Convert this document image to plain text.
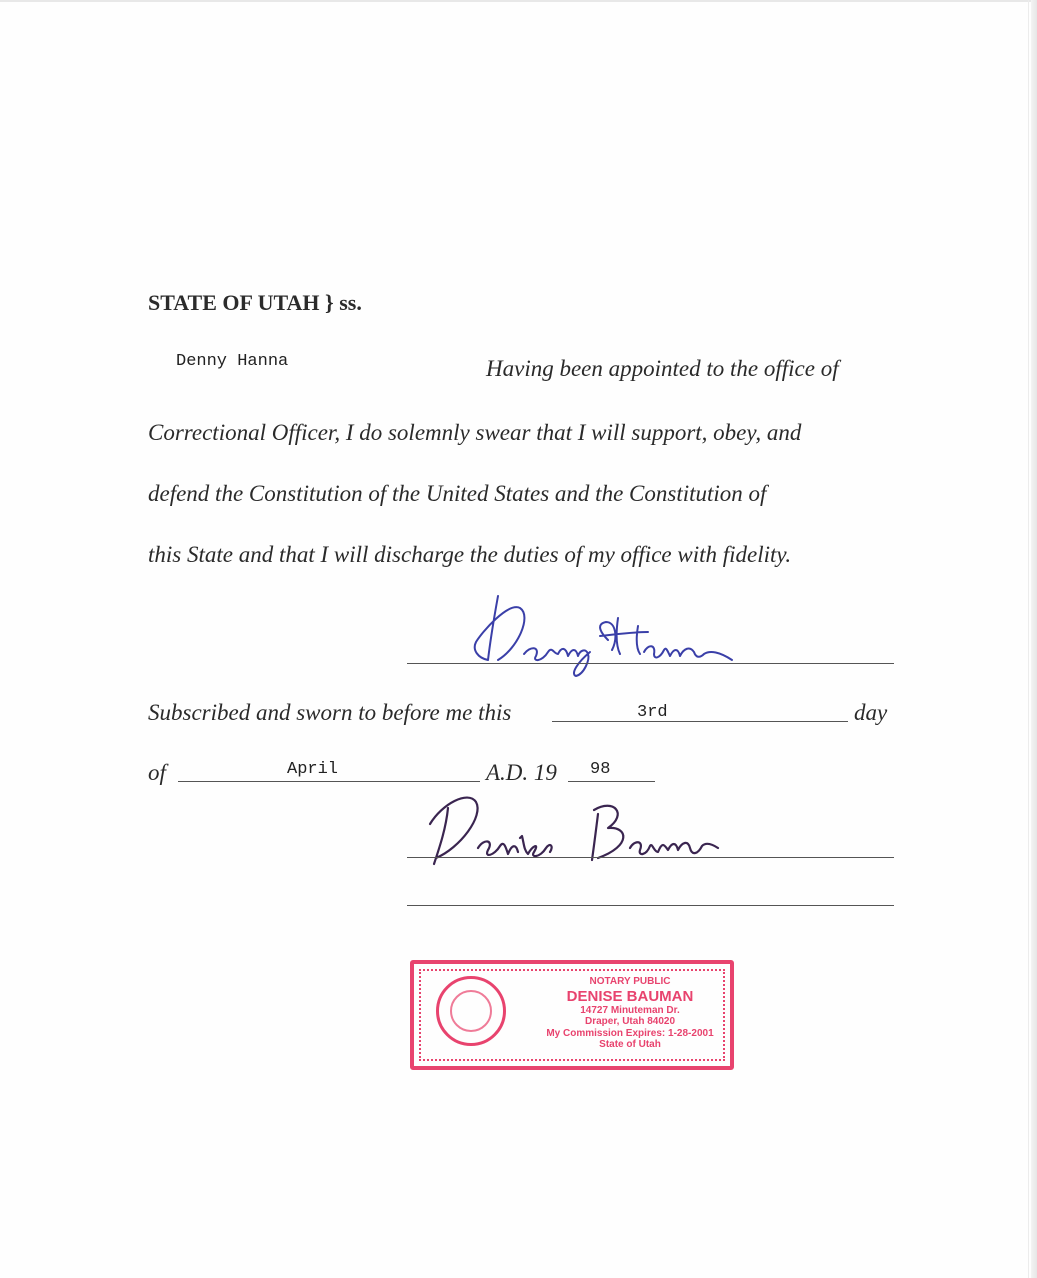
STATE OF UTAH } ss.
Denny Hanna	Having been appointed to the office of
Correctional Officer, I do solemnly swear that I will support, obey, and
defend the Constitution of the United States and the Constitution of
this State and that I will discharge the duties of my office with fidelity.
Subscribed and sworn to before me this	3rd	day
of	April	A.D. 19 98
NOTARY PUBLIC
DENISE BAUMAN
14727 Minuteman Dr.
Draper, Utah 84020
My Commission Expires: 1-28-2001
State of Utah
